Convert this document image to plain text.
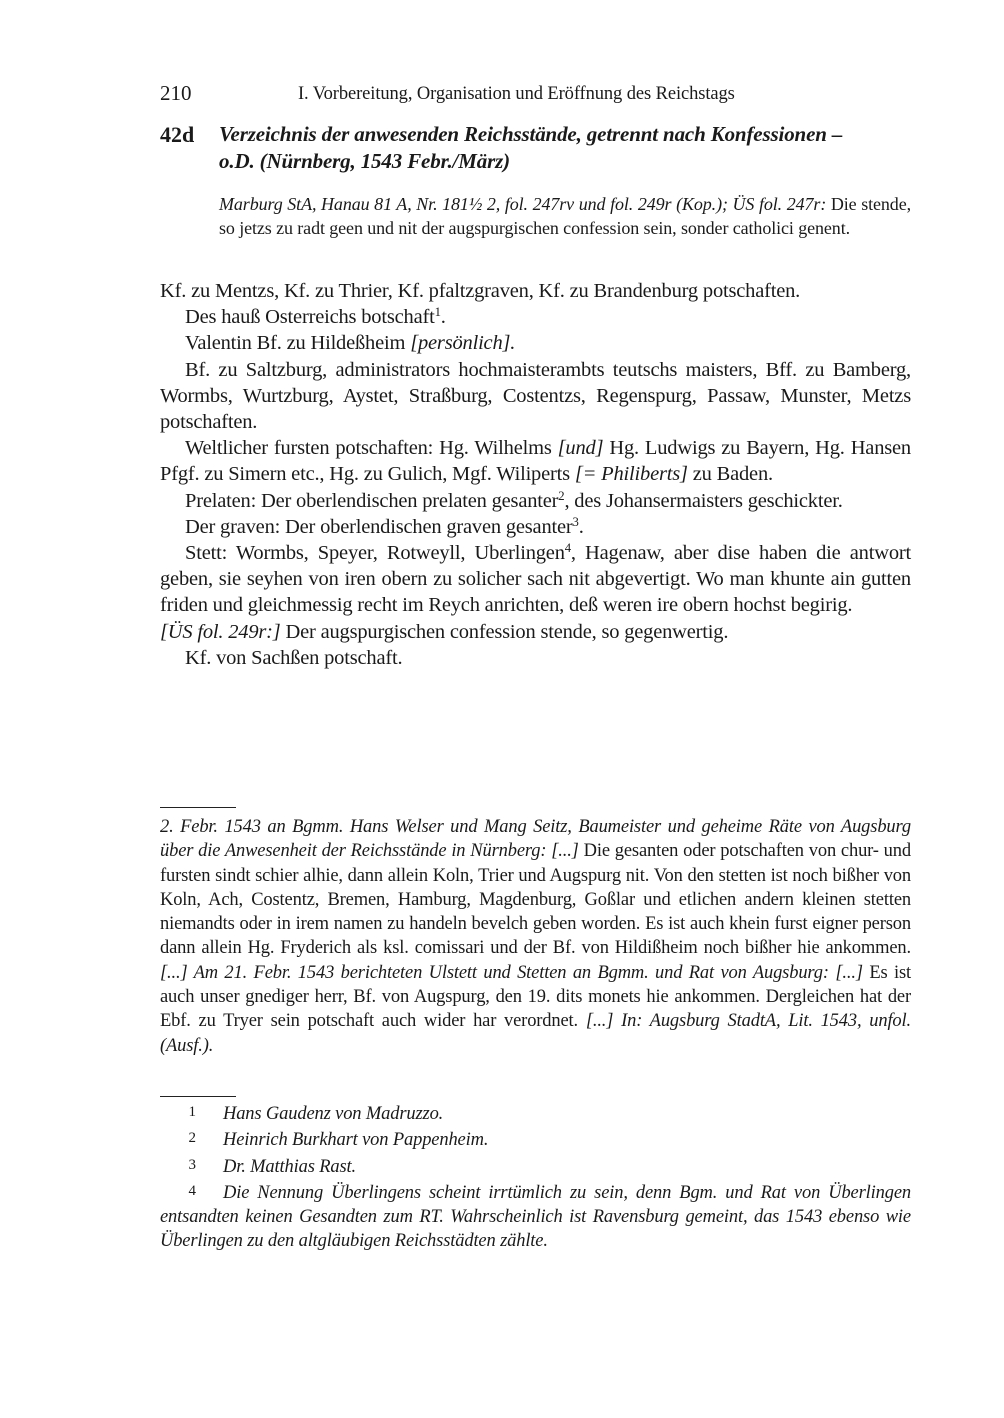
210	I. Vorbereitung, Organisation und Eröffnung des Reichstags
42d Verzeichnis der anwesenden Reichsstände, getrennt nach Konfessionen –
o.D. (Nürnberg, 1543 Febr./März)
Marburg StA, Hanau 81 A, Nr. 181½ 2, fol. 247rv und fol. 249r (Kop.); ÜS fol. 247r: Die stende, so jetzs zu radt geen und nit der augspurgischen confession sein, sonder catholici genent.

Kf. zu Mentzs, Kf. zu Thrier, Kf. pfaltzgraven, Kf. zu Brandenburg potschaften.

Des hauß Osterreichs botschaft$^1$.

Valentin Bf. zu Hildeßheim [persönlich].

Bf. zu Saltzburg, administrators hochmaisterambts teutschs maisters, Bff. zu Bamberg, Wormbs, Wurtzburg, Aystet, Straßburg, Costentzs, Regenspurg, Passaw, Munster, Metzs potschaften.

Weltlicher fursten potschaften: Hg. Wilhelms [und] Hg. Ludwigs zu Bayern, Hg. Hansen Pfgf. zu Simern etc., Hg. zu Gulich, Mgf. Wiliperts [= Philiberts] zu Baden.

Prelaten: Der oberlendischen prelaten gesanter$^2$, des Johansermaisters geschickter.

Der graven: Der oberlendischen graven gesanter$^3$.

Stett: Wormbs, Speyer, Rotweyll, Uberlingen$^4$, Hagenaw, aber dise haben die antwort geben, sie seyhen von iren obern zu solicher sach nit abgevertigt. Wo man khunte ain gutten friden und gleichmessig recht im Reych anrichten, deß weren ire obern hochst begirig.

[ÜS fol. 249r:] Der augspurgischen confession stende, so gegenwertig.

Kf. von Sachßen potschaft.

2. Febr. 1543 an Bgmm. Hans Welser und Mang Seitz, Baumeister und geheime Räte von Augsburg über die Anwesenheit der Reichsstände in Nürnberg: [...] Die gesanten oder potschaften von chur- und fursten sindt schier alhie, dann allein Koln, Trier und Augspurg nit. Von den stetten ist noch bißher von Koln, Ach, Costentz, Bremen, Hamburg, Magdenburg, Goßlar und etlichen andern kleinen stetten niemandts oder in irem namen zu handeln bevelch geben worden. Es ist auch khein furst eigner person dann allein Hg. Fryderich als ksl. comissari und der Bf. von Hildißheim noch bißher hie ankommen. [...] Am 21. Febr. 1543 berichteten Ulstett und Stetten an Bgmm. und Rat von Augsburg: [...] Es ist auch unser gnediger herr, Bf. von Augspurg, den 19. dits monets hie ankommen. Dergleichen hat der Ebf. zu Tryer sein potschaft auch wider har verordnet. [...] In: Augsburg StadtA, Lit. 1543, unfol. (Ausf.).
1 Hans Gaudenz von Madruzzo.
2 Heinrich Burkhart von Pappenheim.
3 Dr. Matthias Rast.
4 Die Nennung Überlingens scheint irrtümlich zu sein, denn Bgm. und Rat von Überlingen entsandten keinen Gesandten zum RT. Wahrscheinlich ist Ravensburg gemeint, das 1543 ebenso wie Überlingen zu den altgläubigen Reichsstädten zählte.
